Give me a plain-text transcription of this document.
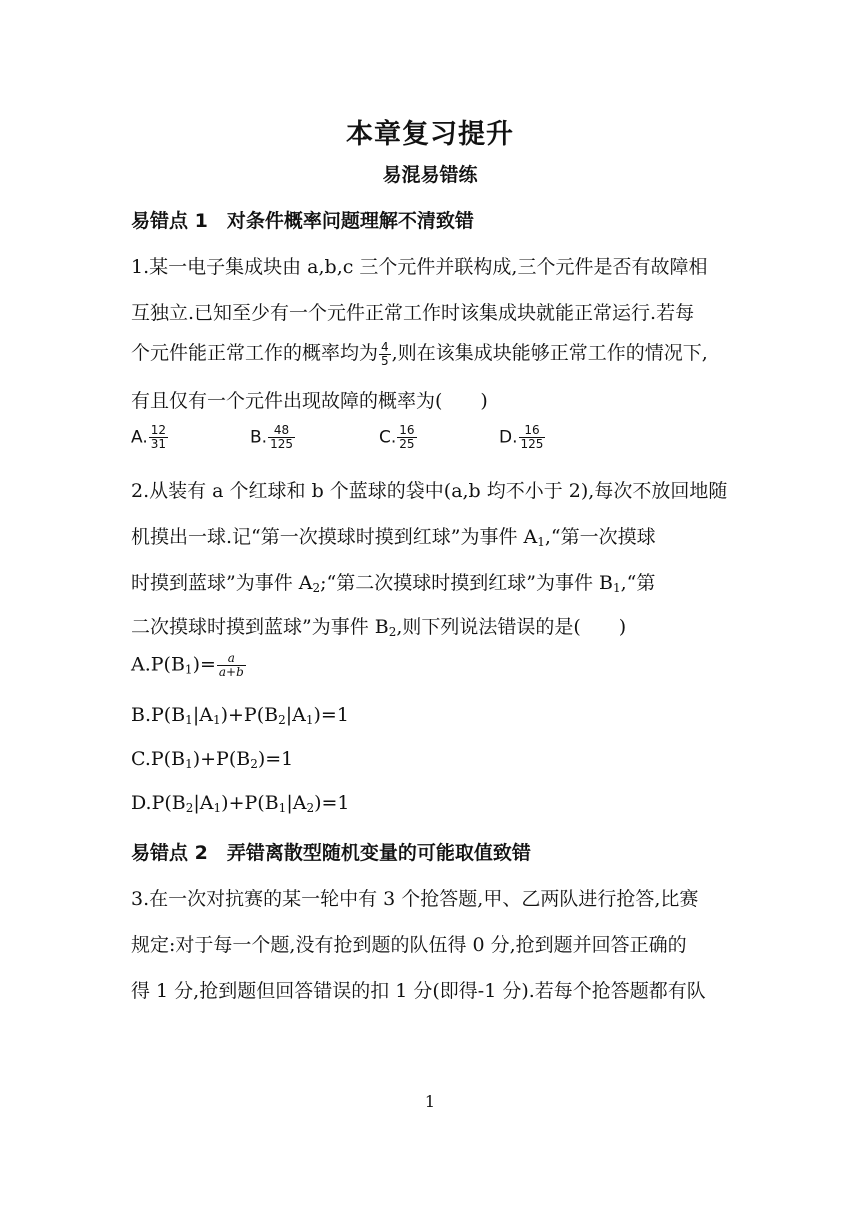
本章复习提升
易混易错练
易错点 1　 对条件概率问题理解不清致错
1.某一电子集成块由 a,b,c 三个元件并联构成,三个元件是否有故障相
互独立.已知至少有一个元件正常工作时该集成块就能正常运行.若每
个元件能正常工作的概率均为 $\frac{4}{5}$ ,则在该集成块能够正常工作的情况下,
有且仅有一个元件出现故障的概率为(　　)
A. $\frac{12}{31}$	B. $\frac{48}{125}$	C. $\frac{16}{25}$	D. $\frac{16}{125}$
2.从装有 a 个红球和 b 个蓝球的袋中(a,b 均不小于 2),每次不放回地随
机摸出一球.记“第一次摸球时摸到红球”为事件 $A_1,“$第一次摸球
时摸到蓝球”为事件 $A_2;“$第二次摸球时摸到红球”为事件 $B_1,“$第
二次摸球时摸到蓝球”为事件 $B_2$,则下列说法错误的是(　　)
$A.P(B_1)= \frac{a}{a+b}$
$B.P(B_1|A_1)+P(B_2|A_1)=1$
$C.P(B_1)+P(B_2)=1$
$D.P(B_2|A_1)+P(B_1|A_2)=1$
易错点 2　 弄错离散型随机变量的可能取值致错
3.在一次对抗赛的某一轮中有 3 个抢答题,甲、乙两队进行抢答,比赛
规定:对于每一个题,没有抢到题的队伍得 0 分,抢到题并回答正确的
得 1 分,抢到题但回答错误的扣 1 分(即得-1 分).若每个抢答题都有队
1
